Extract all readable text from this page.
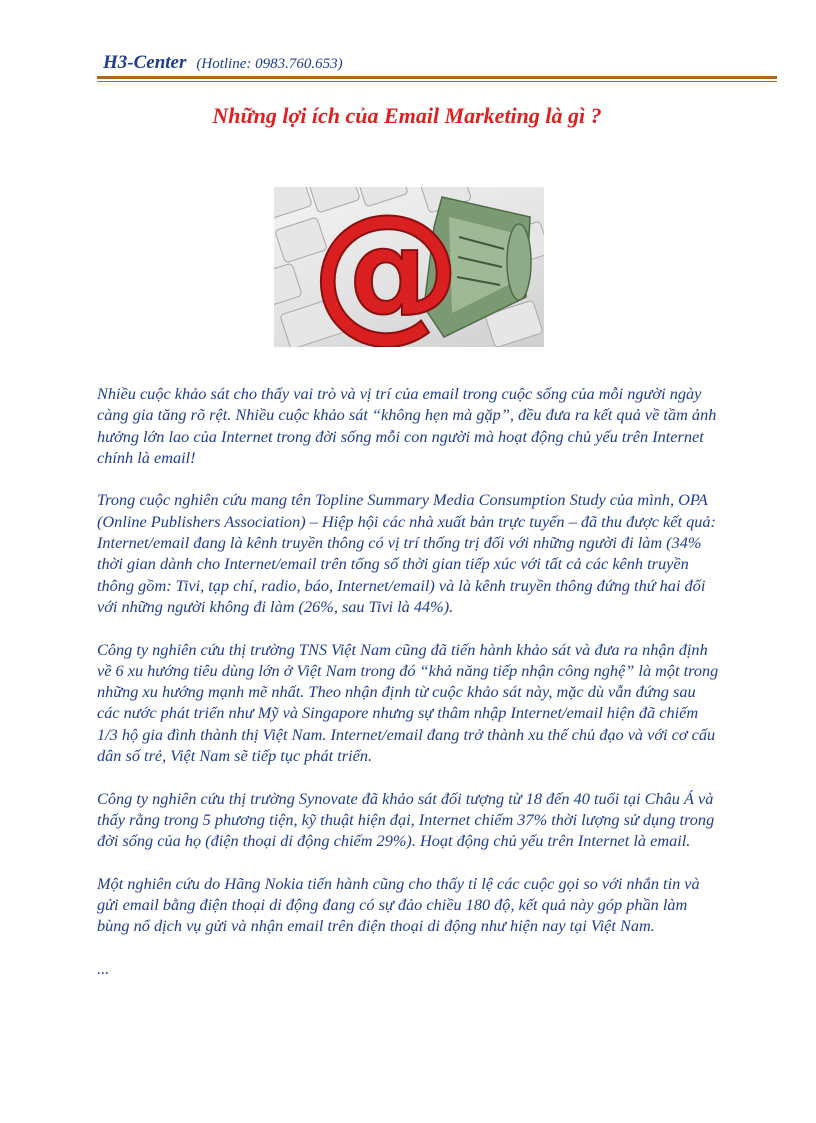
H3-Center (Hotline: 0983.760.653)
Những lợi ích của Email Marketing là gì ?
@

Nhiều cuộc khảo sát cho thấy vai trò và vị trí của email trong cuộc sống của mỗi người ngày càng gia tăng rõ rệt. Nhiều cuộc khảo sát “không hẹn mà gặp”, đều đưa ra kết quả về tầm ảnh hưởng lớn lao của Internet trong đời sống mỗi con người mà hoạt động chủ yếu trên Internet chính là email!

Trong cuộc nghiên cứu mang tên Topline Summary Media Consumption Study của mình, OPA (Online Publishers Association) – Hiệp hội các nhà xuất bản trực tuyến – đã thu được kết quả: Internet/email đang là kênh truyền thông có vị trí thống trị đối với những người đi làm (34% thời gian dành cho Internet/email trên tổng số thời gian tiếp xúc với tất cả các kênh truyền thông gồm: Tivi, tạp chí, radio, báo, Internet/email) và là kênh truyền thông đứng thứ hai đối với những người không đi làm (26%, sau Tivi là 44%).

Công ty nghiên cứu thị trường TNS Việt Nam cũng đã tiến hành khảo sát và đưa ra nhận định về 6 xu hướng tiêu dùng lớn ở Việt Nam trong đó “khả năng tiếp nhận công nghệ” là một trong những xu hướng mạnh mẽ nhất. Theo nhận định từ cuộc khảo sát này, mặc dù vẫn đứng sau các nước phát triển như Mỹ và Singapore nhưng sự thâm nhập Internet/email hiện đã chiếm 1/3 hộ gia đình thành thị Việt Nam. Internet/email đang trở thành xu thế chủ đạo và với cơ cấu dân số trẻ, Việt Nam sẽ tiếp tục phát triển.

Công ty nghiên cứu thị trường Synovate đã khảo sát đối tượng từ 18 đến 40 tuổi tại Châu Á và thấy rằng trong 5 phương tiện, kỹ thuật hiện đại, Internet chiếm 37% thời lượng sử dụng trong đời sống của họ (điện thoại di động chiếm 29%). Hoạt động chủ yếu trên Internet là email.

Một nghiên cứu do Hãng Nokia tiến hành cũng cho thấy tỉ lệ các cuộc gọi so với nhắn tin và gửi email bằng điện thoại di động đang có sự đảo chiều 180 độ, kết quả này góp phần làm bùng nổ dịch vụ gửi và nhận email trên điện thoại di động như hiện nay tại Việt Nam.

...
